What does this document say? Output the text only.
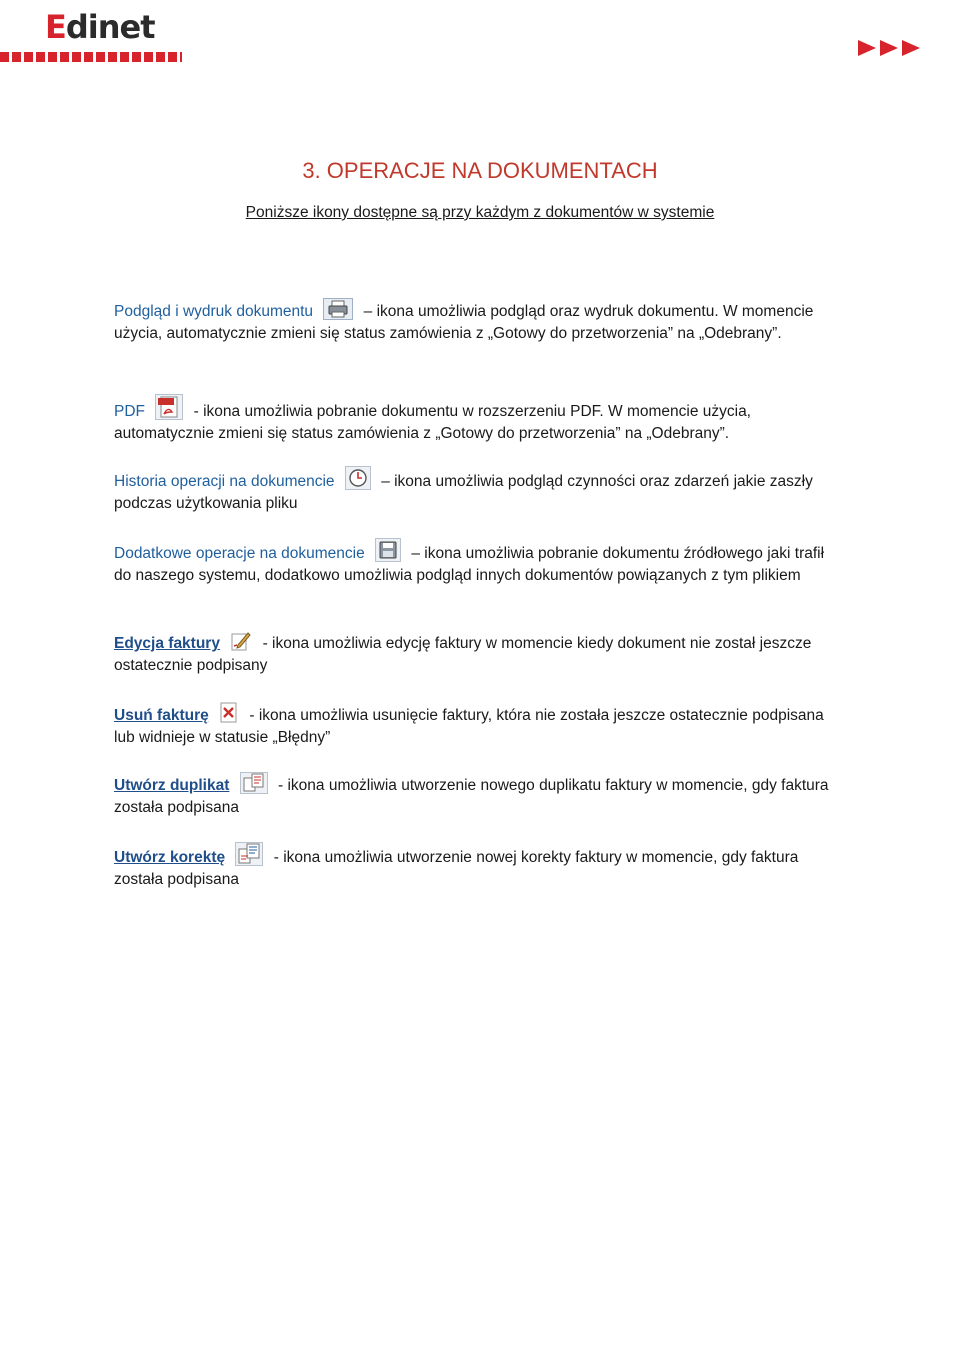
Edinet
3. OPERACJE NA DOKUMENTACH
Poniższe ikony dostępne są przy każdym z dokumentów w systemie
Podgląd i wydruk dokumentu	– ikona umożliwia podgląd oraz wydruk dokumentu. W momencie użycia, automatycznie zmieni się status zamówienia z „Gotowy do przetworzenia” na „Odebrany”.
PDF	- ikona umożliwia pobranie dokumentu w rozszerzeniu PDF. W momencie użycia, automatycznie zmieni się status zamówienia z „Gotowy do przetworzenia” na „Odebrany”.
Historia operacji na dokumencie	– ikona umożliwia podgląd czynności oraz zdarzeń jakie zaszły podczas użytkowania pliku
Dodatkowe operacje na dokumencie	– ikona umożliwia pobranie dokumentu źródłowego jaki trafił do naszego systemu, dodatkowo umożliwia podgląd innych dokumentów powiązanych z tym plikiem
Edycja faktury	- ikona umożliwia edycję faktury w momencie kiedy dokument nie został jeszcze ostatecznie podpisany
Usuń fakturę	- ikona umożliwia usunięcie faktury, która nie została jeszcze ostatecznie podpisana lub widnieje w statusie „Błędny”
Utwórz duplikat	- ikona umożliwia utworzenie nowego duplikatu faktury w momencie, gdy faktura została podpisana
Utwórz korektę	- ikona umożliwia utworzenie nowej korekty faktury w momencie, gdy faktura została podpisana
